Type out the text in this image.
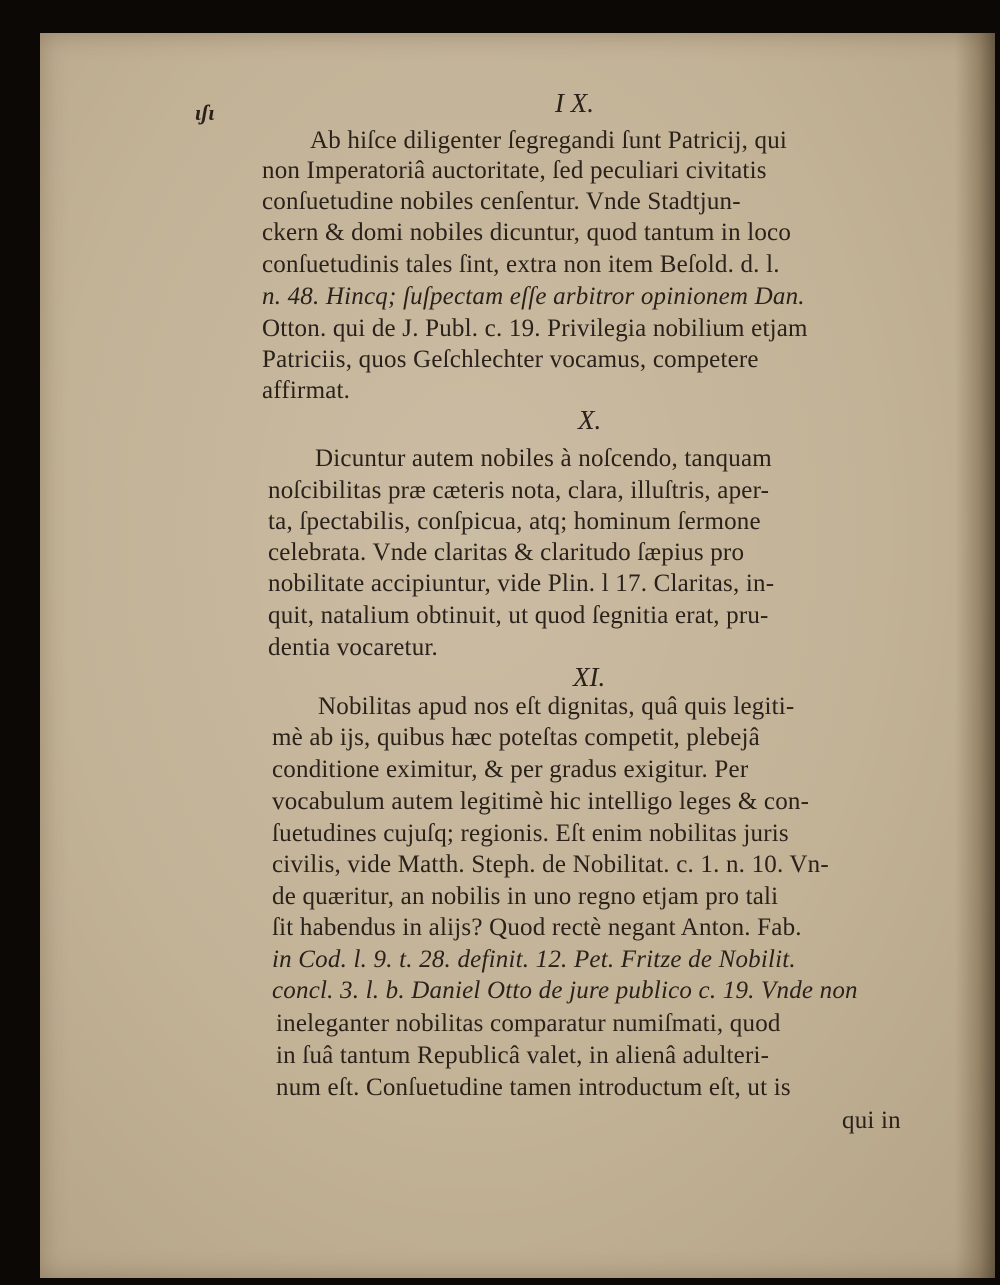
ιʃι	I X.
Ab hiſce diligenter ſegregandi ſunt Patricij, qui
non Imperatoriâ auctoritate, ſed peculiari civitatis
conſuetudine nobiles cenſentur. Vnde Stadtjun-
ckern & domi nobiles dicuntur, quod tantum in loco
conſuetudinis tales ſint, extra non item Beſold. d. l.
n. 48. Hincq; ſuſpectam eſſe arbitror opinionem Dan.
Otton. qui de J. Publ. c. 19. Privilegia nobilium etjam
Patriciis, quos Geſchlechter vocamus, competere
affirmat.
X.
Dicuntur autem nobiles à noſcendo, tanquam
noſcibilitas præ cæteris nota, clara, illuſtris, aper-
ta, ſpectabilis, conſpicua, atq; hominum ſermone
celebrata. Vnde claritas & claritudo ſæpius pro
nobilitate accipiuntur, vide Plin. l 17. Claritas, in-
quit, natalium obtinuit, ut quod ſegnitia erat, pru-
dentia vocaretur.
XI.
Nobilitas apud nos eſt dignitas, quâ quis legiti-
mè ab ijs, quibus hæc poteſtas competit, plebejâ
conditione eximitur, & per gradus exigitur. Per
vocabulum autem legitimè hic intelligo leges & con-
ſuetudines cujuſq; regionis. Eſt enim nobilitas juris
civilis, vide Matth. Steph. de Nobilitat. c. 1. n. 10. Vn-
de quæritur, an nobilis in uno regno etjam pro tali
ſit habendus in alijs? Quod rectè negant Anton. Fab.
in Cod. l. 9. t. 28. definit. 12. Pet. Fritze de Nobilit.
concl. 3. l. b. Daniel Otto de jure publico c. 19. Vnde non
ineleganter nobilitas comparatur numiſmati, quod
in ſuâ tantum Republicâ valet, in alienâ adulteri-
num eſt. Conſuetudine tamen introductum eſt, ut is
qui in
